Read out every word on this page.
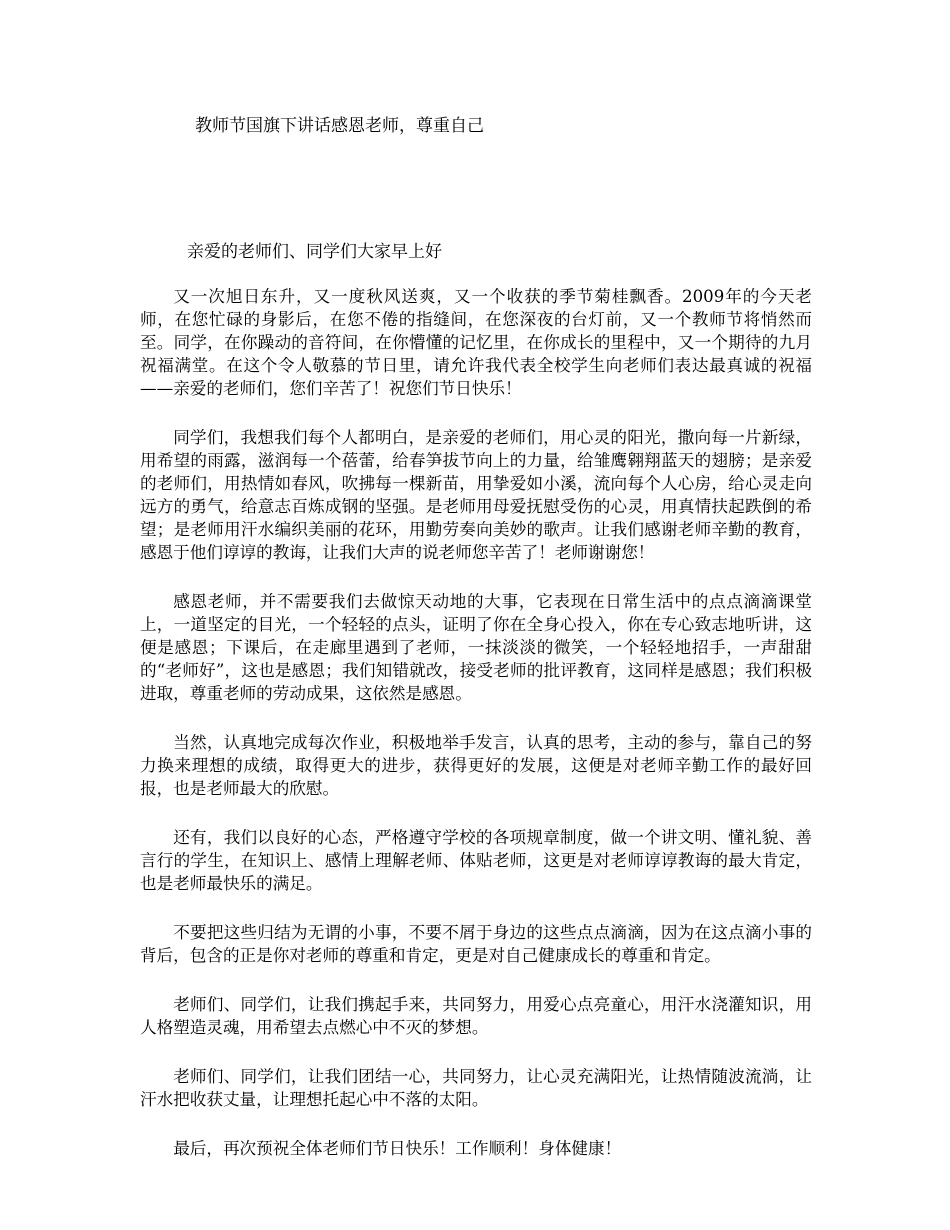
教师节国旗下讲话感恩老师，尊重自己
亲爱的老师们、同学们大家早上好

又一次旭日东升，又一度秋风送爽，又一个收获的季节菊桂飘香。2009年的今天老师，在您忙碌的身影后，在您不倦的指缝间，在您深夜的台灯前，又一个教师节将悄然而至。同学，在你躁动的音符间，在你懵懂的记忆里，在你成长的里程中，又一个期待的九月祝福满堂。在这个令人敬慕的节日里，请允许我代表全校学生向老师们表达最真诚的祝福——亲爱的老师们，您们辛苦了！祝您们节日快乐！

同学们，我想我们每个人都明白，是亲爱的老师们，用心灵的阳光，撒向每一片新绿，用希望的雨露，滋润每一个蓓蕾，给春笋拔节向上的力量，给雏鹰翱翔蓝天的翅膀；是亲爱的老师们，用热情如春风，吹拂每一棵新苗，用挚爱如小溪，流向每个人心房，给心灵走向远方的勇气，给意志百炼成钢的坚强。是老师用母爱抚慰受伤的心灵，用真情扶起跌倒的希望；是老师用汗水编织美丽的花环，用勤劳奏向美妙的歌声。让我们感谢老师辛勤的教育，感恩于他们谆谆的教诲，让我们大声的说老师您辛苦了！老师谢谢您！

感恩老师，并不需要我们去做惊天动地的大事，它表现在日常生活中的点点滴滴课堂上，一道坚定的目光，一个轻轻的点头，证明了你在全身心投入，你在专心致志地听讲，这便是感恩；下课后，在走廊里遇到了老师，一抹淡淡的微笑，一个轻轻地招手，一声甜甜的“老师好”，这也是感恩；我们知错就改，接受老师的批评教育，这同样是感恩；我们积极进取，尊重老师的劳动成果，这依然是感恩。

当然，认真地完成每次作业，积极地举手发言，认真的思考，主动的参与，靠自己的努力换来理想的成绩，取得更大的进步，获得更好的发展，这便是对老师辛勤工作的最好回报，也是老师最大的欣慰。

还有，我们以良好的心态，严格遵守学校的各项规章制度，做一个讲文明、懂礼貌、善言行的学生，在知识上、感情上理解老师、体贴老师，这更是对老师谆谆教诲的最大肯定，也是老师最快乐的满足。

不要把这些归结为无谓的小事，不要不屑于身边的这些点点滴滴，因为在这点滴小事的背后，包含的正是你对老师的尊重和肯定，更是对自己健康成长的尊重和肯定。

老师们、同学们，让我们携起手来，共同努力，用爱心点亮童心，用汗水浇灌知识，用人格塑造灵魂，用希望去点燃心中不灭的梦想。

老师们、同学们，让我们团结一心，共同努力，让心灵充满阳光，让热情随波流淌，让汗水把收获丈量，让理想托起心中不落的太阳。

最后，再次预祝全体老师们节日快乐！工作顺利！身体健康！
